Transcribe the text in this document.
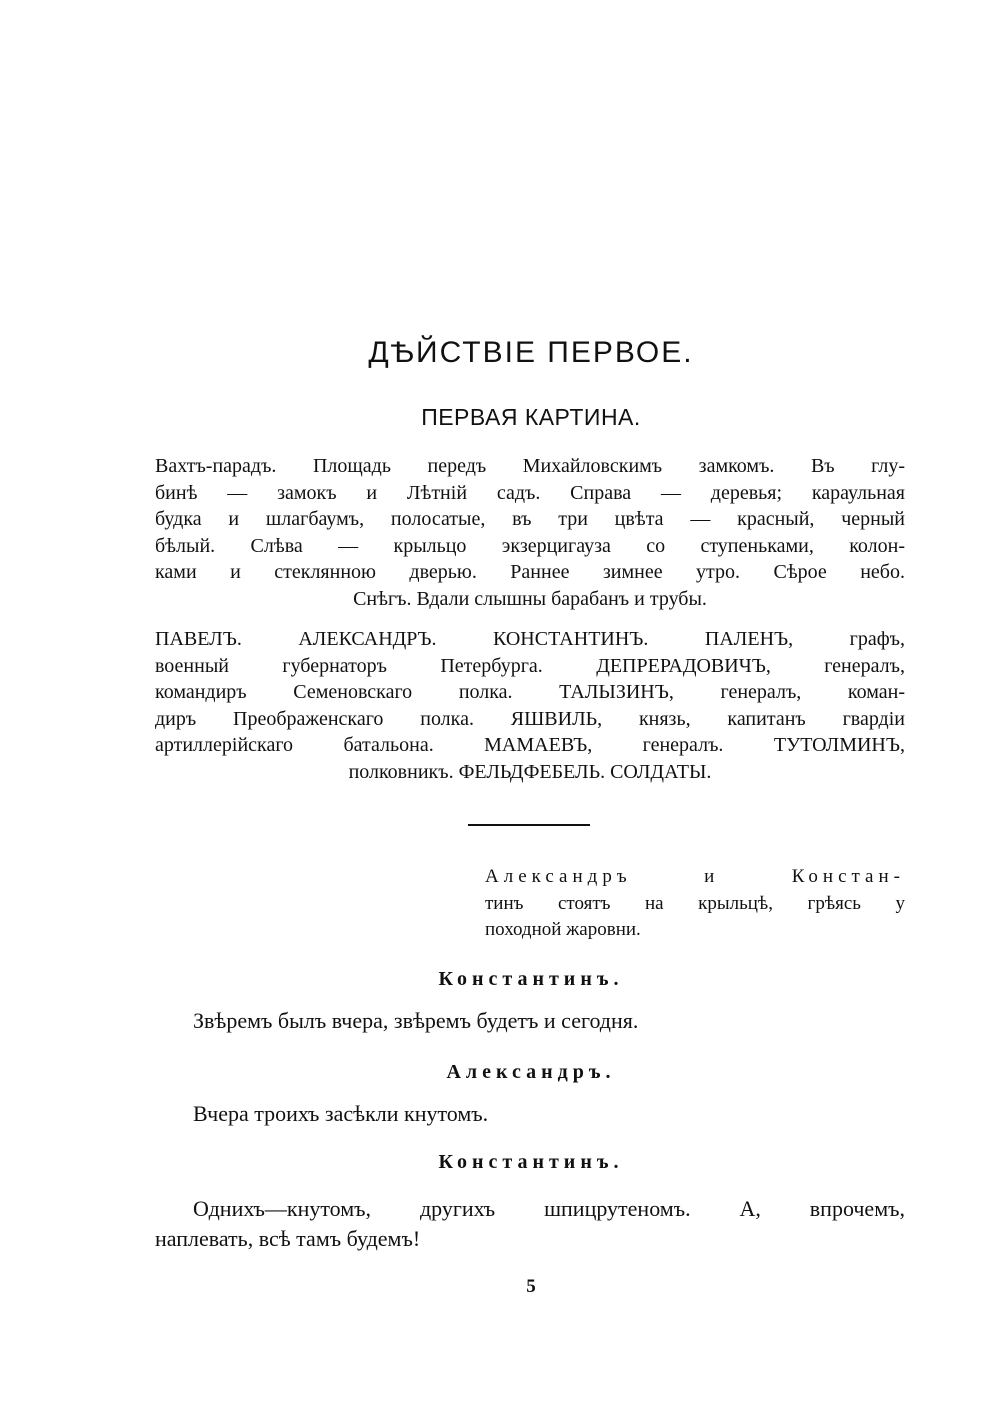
ДѢЙСТВІЕ ПЕРВОЕ.
ПЕРВАЯ КАРТИНА.
Вахтъ-парадъ. Площадь передъ Михайловскимъ замкомъ. Въ глу-
бинѣ — замокъ и Лѣтній садъ. Справа — деревья; караульная
будка и шлагбаумъ, полосатые, въ три цвѣта — красный, черный
бѣлый. Слѣва — крыльцо экзерцигаузa со ступеньками, колон-
ками и стеклянною дверью. Раннее зимнее утро. Сѣрое небо.
Снѣгъ. Вдали слышны барабанъ и трубы.
ПАВЕЛЪ. АЛЕКСАНДРЪ. КОНСТАНТИНЪ. ПАЛЕНЪ, графъ,
военный губернаторъ Петербурга. ДЕПРЕРАДОВИЧЪ, генералъ,
командиръ Семеновскаго полка. ТАЛЫЗИНЪ, генералъ, коман-
диръ Преображенскаго полка. ЯШВИЛЬ, князь, капитанъ гвардіи
артиллерійскаго батальона. МАМАЕВЪ, генералъ. ТУТОЛМИНЪ,
полковникъ. ФЕЛЬДФЕБЕЛЬ. СОЛДАТЫ.
Александръ и Констан-
тинъ стоятъ на крыльцѣ, грѣясь у
походной жаровни.
Константинъ.
Звѣремъ былъ вчера, звѣремъ будетъ и сегодня.
Александръ.
Вчера троихъ засѣкли кнутомъ.
Константинъ.
Однихъ—кнутомъ, другихъ шпицрутеномъ. А, впрочемъ,
наплевать, всѣ тамъ будемъ!
5
